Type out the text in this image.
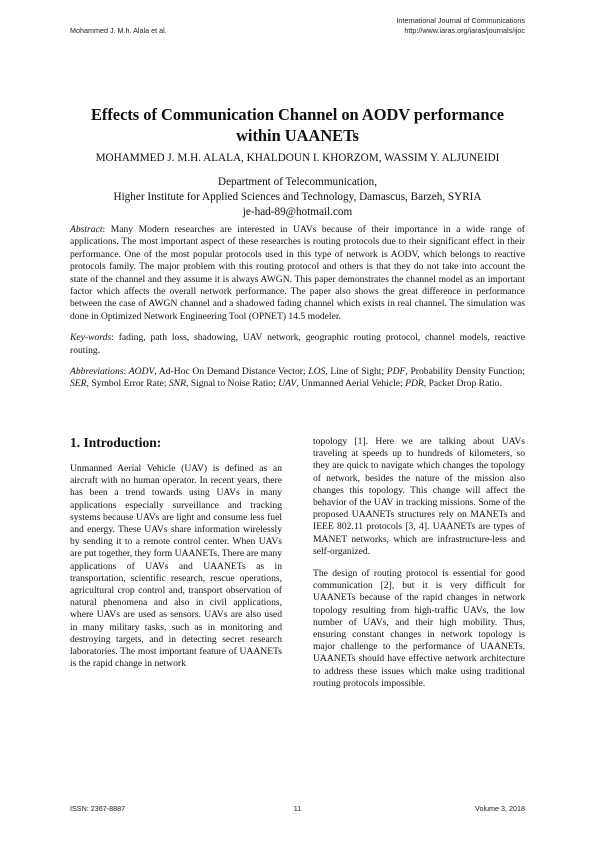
Mohammed J. M.h. Alala et al.
International Journal of Communications
http://www.iaras.org/iaras/journals/ijoc
Effects of Communication Channel on AODV performance within UAANETs
MOHAMMED J. M.H. ALALA, KHALDOUN I. KHORZOM, WASSIM Y. ALJUNEIDI
Department of Telecommunication,
Higher Institute for Applied Sciences and Technology, Damascus, Barzeh, SYRIA
je-had-89@hotmail.com

Abstract: Many Modern researches are interested in UAVs because of their importance in a wide range of applications. The most important aspect of these researches is routing protocols due to their significant effect in their performance. One of the most popular protocols used in this type of network is AODV, which belongs to reactive protocols family. The major problem with this routing protocol and others is that they do not take into account the state of the channel and they assume it is always AWGN. This paper demonstrates the channel model as an important factor which affects the overall network performance. The paper also shows the great difference in performance between the case of AWGN channel and a shadowed fading channel which exists in real channel. The simulation was done in Optimized Network Engineering Tool (OPNET) 14.5 modeler.

Key-words: fading, path loss, shadowing, UAV network, geographic routing protocol, channel models, reactive routing.

Abbreviations: AODV, Ad-Hoc On Demand Distance Vector; LOS, Line of Sight; PDF, Probability Density Function; SER, Symbol Error Rate; SNR, Signal to Noise Ratio; UAV, Unmanned Aerial Vehicle; PDR, Packet Drop Ratio.

1. Introduction:

Unmanned Aerial Vehicle (UAV) is defined as an aircraft with no human operator. In recent years, there has been a trend towards using UAVs in many applications especially surveillance and tracking systems because UAVs are light and consume less fuel and energy. These UAVs share information wirelessly by sending it to a remote control center. When UAVs are put together, they form UAANETs. There are many applications of UAVs and UAANETs as in transportation, scientific research, rescue operations, agricultural crop control and, transport observation of natural phenomena and also in civil applications, where UAVs are used as sensors. UAVs are also used in many military tasks, such as in monitoring and destroying targets, and in detecting secret research laboratories. The most important feature of UAANETs is the rapid change in network

topology [1]. Here we are talking about UAVs traveling at speeds up to hundreds of kilometers, so they are quick to navigate which changes the topology of network, besides the nature of the mission also changes this topology. This change will affect the behavior of the UAV in tracking missions. Some of the proposed UAANETs structures rely on MANETs and IEEE 802.11 protocols [3, 4]. UAANETs are types of MANET networks, which are infrastructure-less and self-organized.

The design of routing protocol is essential for good communication [2], but it is very difficult for UAANETs because of the rapid changes in network topology resulting from high-traffic UAVs, the low number of UAVs, and their high mobility. Thus, ensuring constant changes in network topology is major challenge to the performance of UAANETs. UAANETs should have effective network architecture to address these issues which make using traditional routing protocols impossible.

ISSN: 2367-8887	11	Volume 3, 2018
